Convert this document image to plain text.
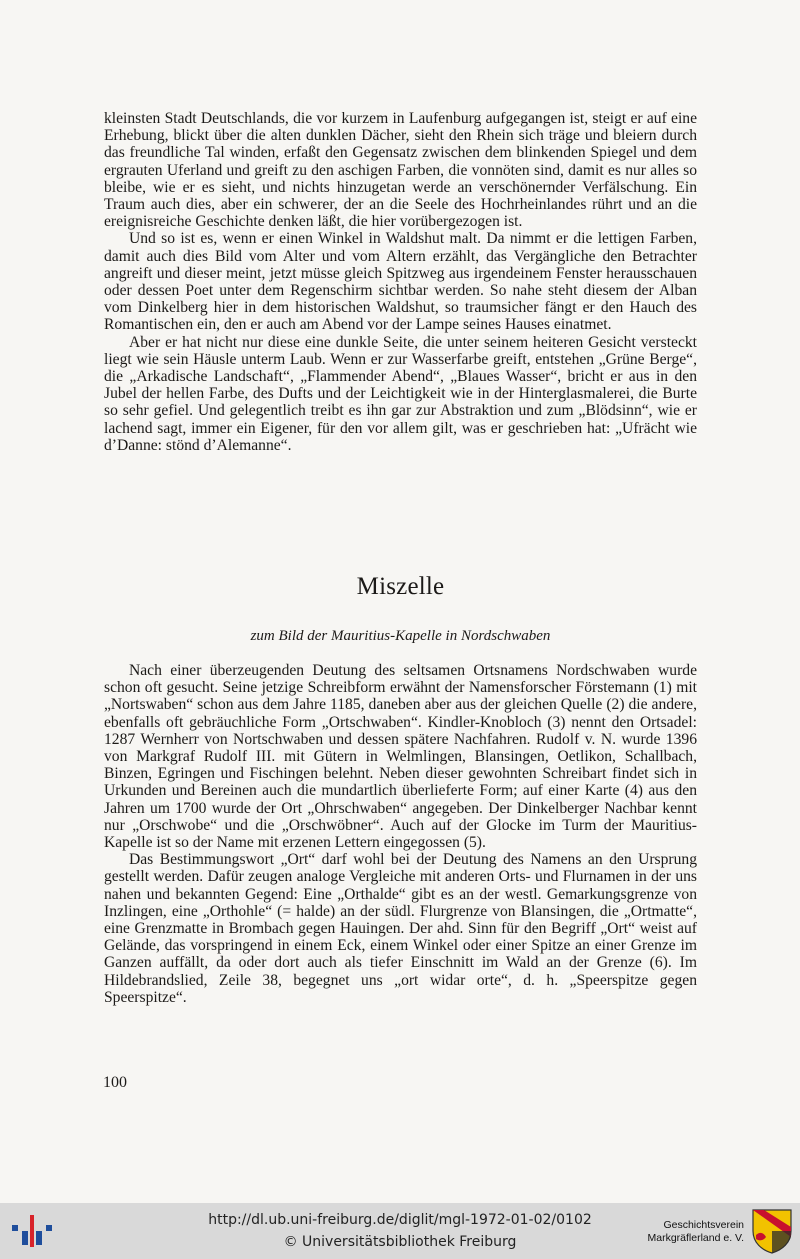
kleinsten Stadt Deutschlands, die vor kurzem in Laufenburg aufgegangen ist, steigt er auf eine Erhebung, blickt über die alten dunklen Dächer, sieht den Rhein sich träge und bleiern durch das freundliche Tal winden, erfaßt den Gegensatz zwischen dem blinkenden Spiegel und dem ergrauten Uferland und greift zu den aschigen Farben, die vonnöten sind, damit es nur alles so bleibe, wie er es sieht, und nichts hinzugetan werde an verschönernder Verfälschung. Ein Traum auch dies, aber ein schwerer, der an die Seele des Hochrheinlandes rührt und an die ereignisreiche Geschichte denken läßt, die hier vorübergezogen ist.

Und so ist es, wenn er einen Winkel in Waldshut malt. Da nimmt er die lettigen Farben, damit auch dies Bild vom Alter und vom Altern erzählt, das Vergängliche den Betrachter angreift und dieser meint, jetzt müsse gleich Spitzweg aus irgendeinem Fenster herausschauen oder dessen Poet unter dem Regenschirm sichtbar werden. So nahe steht diesem der Alban vom Dinkelberg hier in dem historischen Waldshut, so traumsicher fängt er den Hauch des Romantischen ein, den er auch am Abend vor der Lampe seines Hauses einatmet.

Aber er hat nicht nur diese eine dunkle Seite, die unter seinem heiteren Gesicht versteckt liegt wie sein Häusle unterm Laub. Wenn er zur Wasserfarbe greift, entstehen „Grüne Berge“, die „Arkadische Landschaft“, „Flammender Abend“, „Blaues Wasser“, bricht er aus in den Jubel der hellen Farbe, des Dufts und der Leichtigkeit wie in der Hinterglasmalerei, die Burte so sehr gefiel. Und gelegentlich treibt es ihn gar zur Abstraktion und zum „Blödsinn“, wie er lachend sagt, immer ein Eigener, für den vor allem gilt, was er geschrieben hat: „Ufrächt wie d’Danne: stönd d’Alemanne“.

Miszelle
zum Bild der Mauritius-Kapelle in Nordschwaben

Nach einer überzeugenden Deutung des seltsamen Ortsnamens Nordschwaben wurde schon oft gesucht. Seine jetzige Schreibform erwähnt der Namensforscher Förstemann (1) mit „Nortswaben“ schon aus dem Jahre 1185, daneben aber aus der gleichen Quelle (2) die andere, ebenfalls oft gebräuchliche Form „Ortschwaben“. Kindler-Knobloch (3) nennt den Ortsadel: 1287 Wernherr von Nortschwaben und dessen spätere Nachfahren. Rudolf v. N. wurde 1396 von Markgraf Rudolf III. mit Gütern in Welmlingen, Blansingen, Oetlikon, Schallbach, Binzen, Egringen und Fischingen belehnt. Neben dieser gewohnten Schreibart findet sich in Urkunden und Bereinen auch die mundartlich überlieferte Form; auf einer Karte (4) aus den Jahren um 1700 wurde der Ort „Ohrschwaben“ angegeben. Der Dinkelberger Nachbar kennt nur „Orschwobe“ und die „Orschwöbner“. Auch auf der Glocke im Turm der Mauritius-Kapelle ist so der Name mit erzenen Lettern eingegossen (5).

Das Bestimmungswort „Ort“ darf wohl bei der Deutung des Namens an den Ursprung gestellt werden. Dafür zeugen analoge Vergleiche mit anderen Orts- und Flurnamen in der uns nahen und bekannten Gegend: Eine „Orthalde“ gibt es an der westl. Gemarkungsgrenze von Inzlingen, eine „Orthohle“ (= halde) an der südl. Flurgrenze von Blansingen, die „Ortmatte“, eine Grenzmatte in Brombach gegen Hauingen. Der ahd. Sinn für den Begriff „Ort“ weist auf Gelände, das vorspringend in einem Eck, einem Winkel oder einer Spitze an einer Grenze im Ganzen auffällt, da oder dort auch als tiefer Einschnitt im Wald an der Grenze (6). Im Hildebrandslied, Zeile 38, begegnet uns „ort widar orte“, d. h. „Speerspitze gegen Speerspitze“.

100
http://dl.ub.uni-freiburg.de/diglit/mgl-1972-01-02/0102
© Universitätsbibliothek Freiburg
Geschichtsverein
Markgräflerland e. V.
